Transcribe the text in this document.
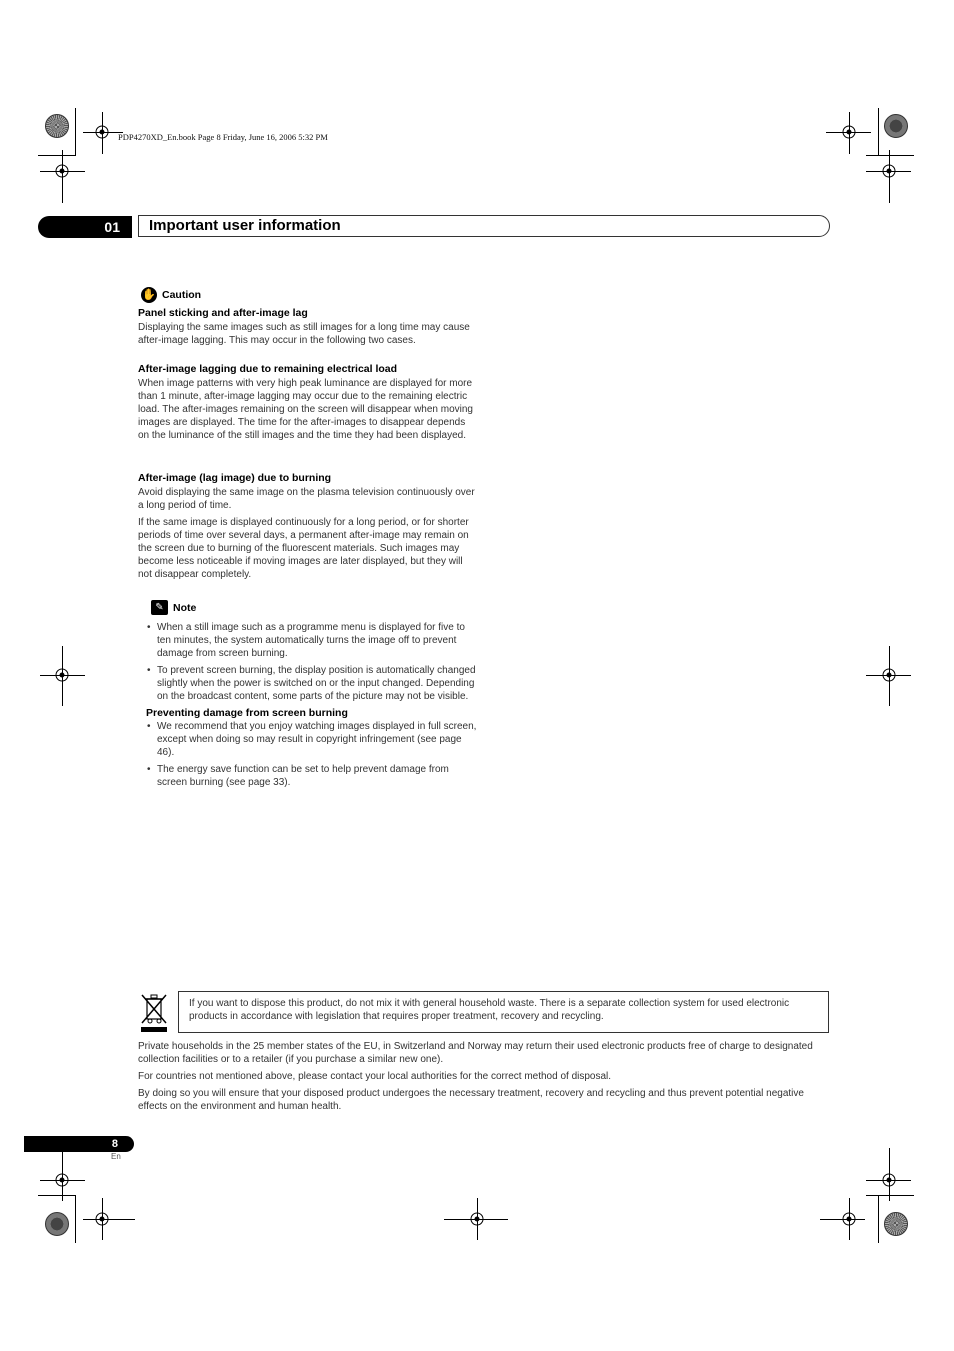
PDP4270XD_En.book Page 8 Friday, June 16, 2006 5:32 PM
01	Important user information
✋ Caution

Panel sticking and after-image lag

Displaying the same images such as still images for a long time may cause after-image lagging. This may occur in the following two cases.

After-image lagging due to remaining electrical load

When image patterns with very high peak luminance are displayed for more than 1 minute, after-image lagging may occur due to the remaining electric load. The after-images remaining on the screen will disappear when moving images are displayed. The time for the after-images to disappear depends on the luminance of the still images and the time they had been displayed.

After-image (lag image) due to burning

Avoid displaying the same image on the plasma television continuously over a long period of time.

If the same image is displayed continuously for a long period, or for shorter periods of time over several days, a permanent after-image may remain on the screen due to burning of the fluorescent materials. Such images may become less noticeable if moving images are later displayed, but they will not disappear completely.

✎ Note
• When a still image such as a programme menu is displayed for five to ten minutes, the system automatically turns the image off to prevent damage from screen burning.
• To prevent screen burning, the display position is automatically changed slightly when the power is switched on or the input changed. Depending on the broadcast content, some parts of the picture may not be visible.

Preventing damage from screen burning

• We recommend that you enjoy watching images displayed in full screen, except when doing so may result in copyright infringement (see page 46).
• The energy save function can be set to help prevent damage from screen burning (see page 33).
If you want to dispose this product, do not mix it with general household waste. There is a separate collection system for used electronic products in accordance with legislation that requires proper treatment, recovery and recycling.

Private households in the 25 member states of the EU, in Switzerland and Norway may return their used electronic products free of charge to designated collection facilities or to a retailer (if you purchase a similar new one).

For countries not mentioned above, please contact your local authorities for the correct method of disposal.

By doing so you will ensure that your disposed product undergoes the necessary treatment, recovery and recycling and thus prevent potential negative effects on the environment and human health.

8
En
